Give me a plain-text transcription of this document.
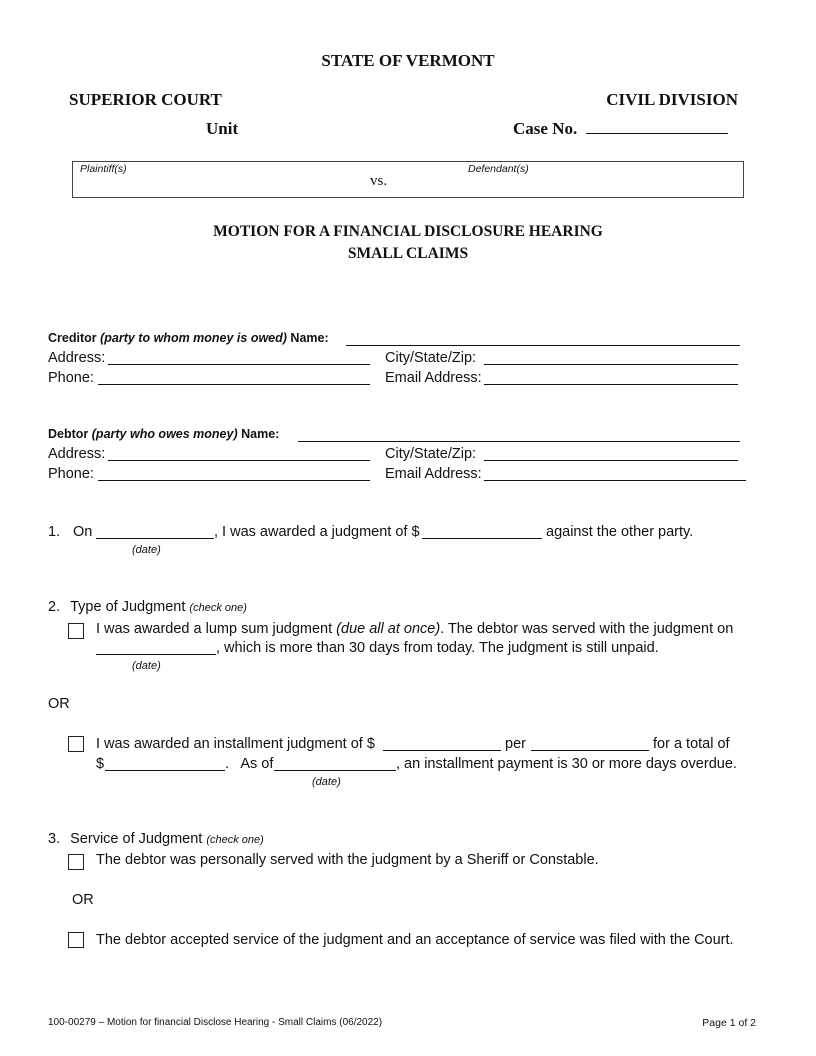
STATE OF VERMONT
SUPERIOR COURT	CIVIL DIVISION
Unit	Case No.
Plaintiff(s)
vs.
Defendant(s)
MOTION FOR A FINANCIAL DISCLOSURE HEARING
SMALL CLAIMS
Creditor (party to whom money is owed) Name:
Address:	City/State/Zip:
Phone:	Email Address:
Debtor (party who owes money) Name:
Address:	City/State/Zip:
Phone:	Email Address:
1. On	, I was awarded a judgment of $	against the other party.
(date)
2. Type of Judgment (check one)
I was awarded a lump sum judgment (due all at once). The debtor was served with the judgment on
, which is more than 30 days from today. The judgment is still unpaid.
(date)
OR
I was awarded an installment judgment of $	per	for a total of
$	.   As of	, an installment payment is 30 or more days overdue.
(date)
3. Service of Judgment (check one)
The debtor was personally served with the judgment by a Sheriff or Constable.
OR
The debtor accepted service of the judgment and an acceptance of service was filed with the Court.
100-00279 – Motion for financial Disclose Hearing - Small Claims (06/2022)	Page 1 of 2
